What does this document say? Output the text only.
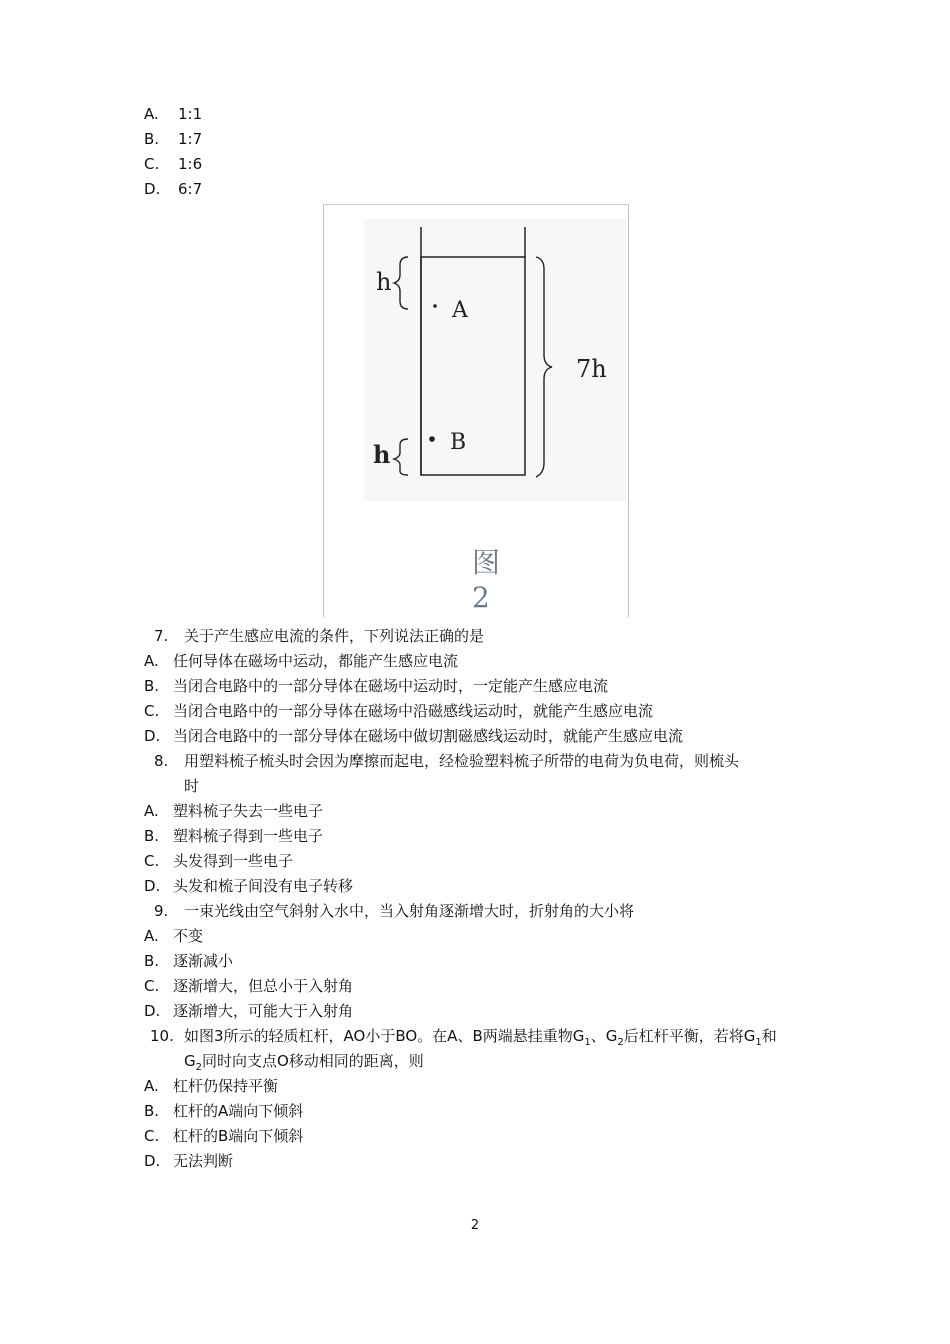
A. 1:1
B. 1:7
C. 1:6
D. 6:7
h
h
7h
A
B
图 2
7. 关于产生感应电流的条件，下列说法正确的是
A. 任何导体在磁场中运动，都能产生感应电流
B. 当闭合电路中的一部分导体在磁场中运动时，一定能产生感应电流
C. 当闭合电路中的一部分导体在磁场中沿磁感线运动时，就能产生感应电流
D. 当闭合电路中的一部分导体在磁场中做切割磁感线运动时，就能产生感应电流
8. 用塑料梳子梳头时会因为摩擦而起电，经检验塑料梳子所带的电荷为负电荷，则梳头
时
A. 塑料梳子失去一些电子
B. 塑料梳子得到一些电子
C. 头发得到一些电子
D. 头发和梳子间没有电子转移
9. 一束光线由空气斜射入水中，当入射角逐渐增大时，折射角的大小将
A. 不变
B. 逐渐减小
C. 逐渐增大，但总小于入射角
D. 逐渐增大，可能大于入射角
10. 如图3所示的轻质杠杆，AO小于BO。在A、B两端悬挂重物$G_1$、$G_2$后杠杆平衡，若将$G_1$和
$G_2$同时向支点O移动相同的距离，则
A. 杠杆仍保持平衡
B. 杠杆的A端向下倾斜
C. 杠杆的B端向下倾斜
D. 无法判断
2
